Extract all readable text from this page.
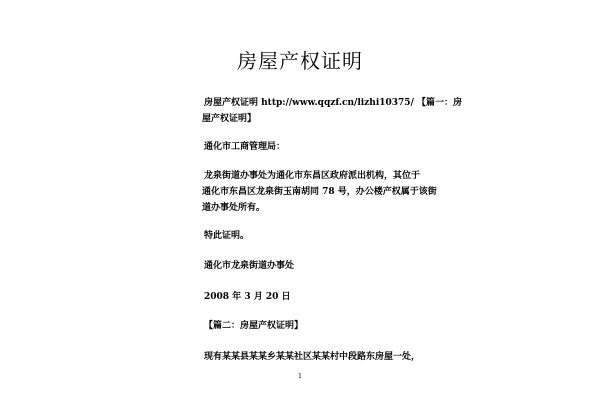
房屋产权证明
房屋产权证明 http://www.qqzf.cn/lizhi10375/ 【篇一：房
屋产权证明】
通化市工商管理局：
龙泉街道办事处为通化市东昌区政府派出机构，其位于
通化市东昌区龙泉街玉南胡同 78 号，办公楼产权属于该街
道办事处所有。
特此证明。
通化市龙泉街道办事处
2008 年 3 月 20 日
【篇二：房屋产权证明】
现有某某县某某乡某某社区某某村中段路东房屋一处，
1
